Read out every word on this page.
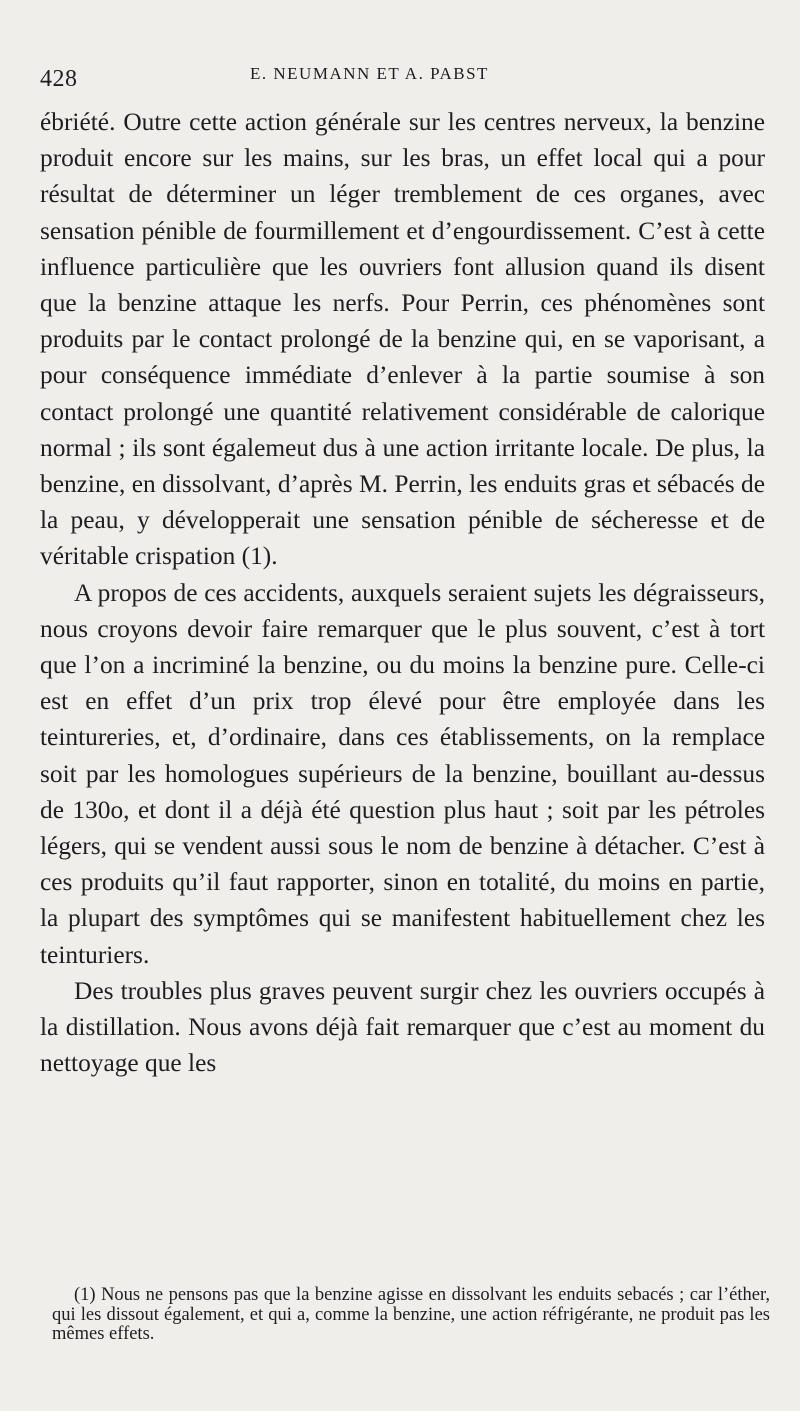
428	E. NEUMANN ET A. PABST

ébriété. Outre cette action générale sur les centres nerveux, la benzine produit encore sur les mains, sur les bras, un effet local qui a pour résultat de déterminer un léger tremblement de ces organes, avec sensation pénible de fourmillement et d’engourdissement. C’est à cette influence particulière que les ouvriers font allusion quand ils disent que la benzine attaque les nerfs. Pour Perrin, ces phénomènes sont produits par le contact prolongé de la benzine qui, en se vaporisant, a pour conséquence immédiate d’enlever à la partie soumise à son contact prolongé une quantité relativement considérable de calorique normal ; ils sont égalemeut dus à une action irritante locale. De plus, la benzine, en dissolvant, d’après M. Perrin, les enduits gras et sébacés de la peau, y développerait une sensation pénible de sécheresse et de véritable crispation (1).

A propos de ces accidents, auxquels seraient sujets les dégraisseurs, nous croyons devoir faire remarquer que le plus souvent, c’est à tort que l’on a incriminé la benzine, ou du moins la benzine pure. Celle-ci est en effet d’un prix trop élevé pour être employée dans les teintureries, et, d’ordinaire, dans ces établissements, on la remplace soit par les homologues supérieurs de la benzine, bouillant au-dessus de 130o, et dont il a déjà été question plus haut ; soit par les pétroles légers, qui se vendent aussi sous le nom de benzine à détacher. C’est à ces produits qu’il faut rapporter, sinon en totalité, du moins en partie, la plupart des symptômes qui se manifestent habituellement chez les teinturiers.

Des troubles plus graves peuvent surgir chez les ouvriers occupés à la distillation. Nous avons déjà fait remarquer que c’est au moment du nettoyage que les

(1) Nous ne pensons pas que la benzine agisse en dissolvant les enduits sebacés ; car l’éther, qui les dissout également, et qui a, comme la benzine, une action réfrigérante, ne produit pas les mêmes effets.
